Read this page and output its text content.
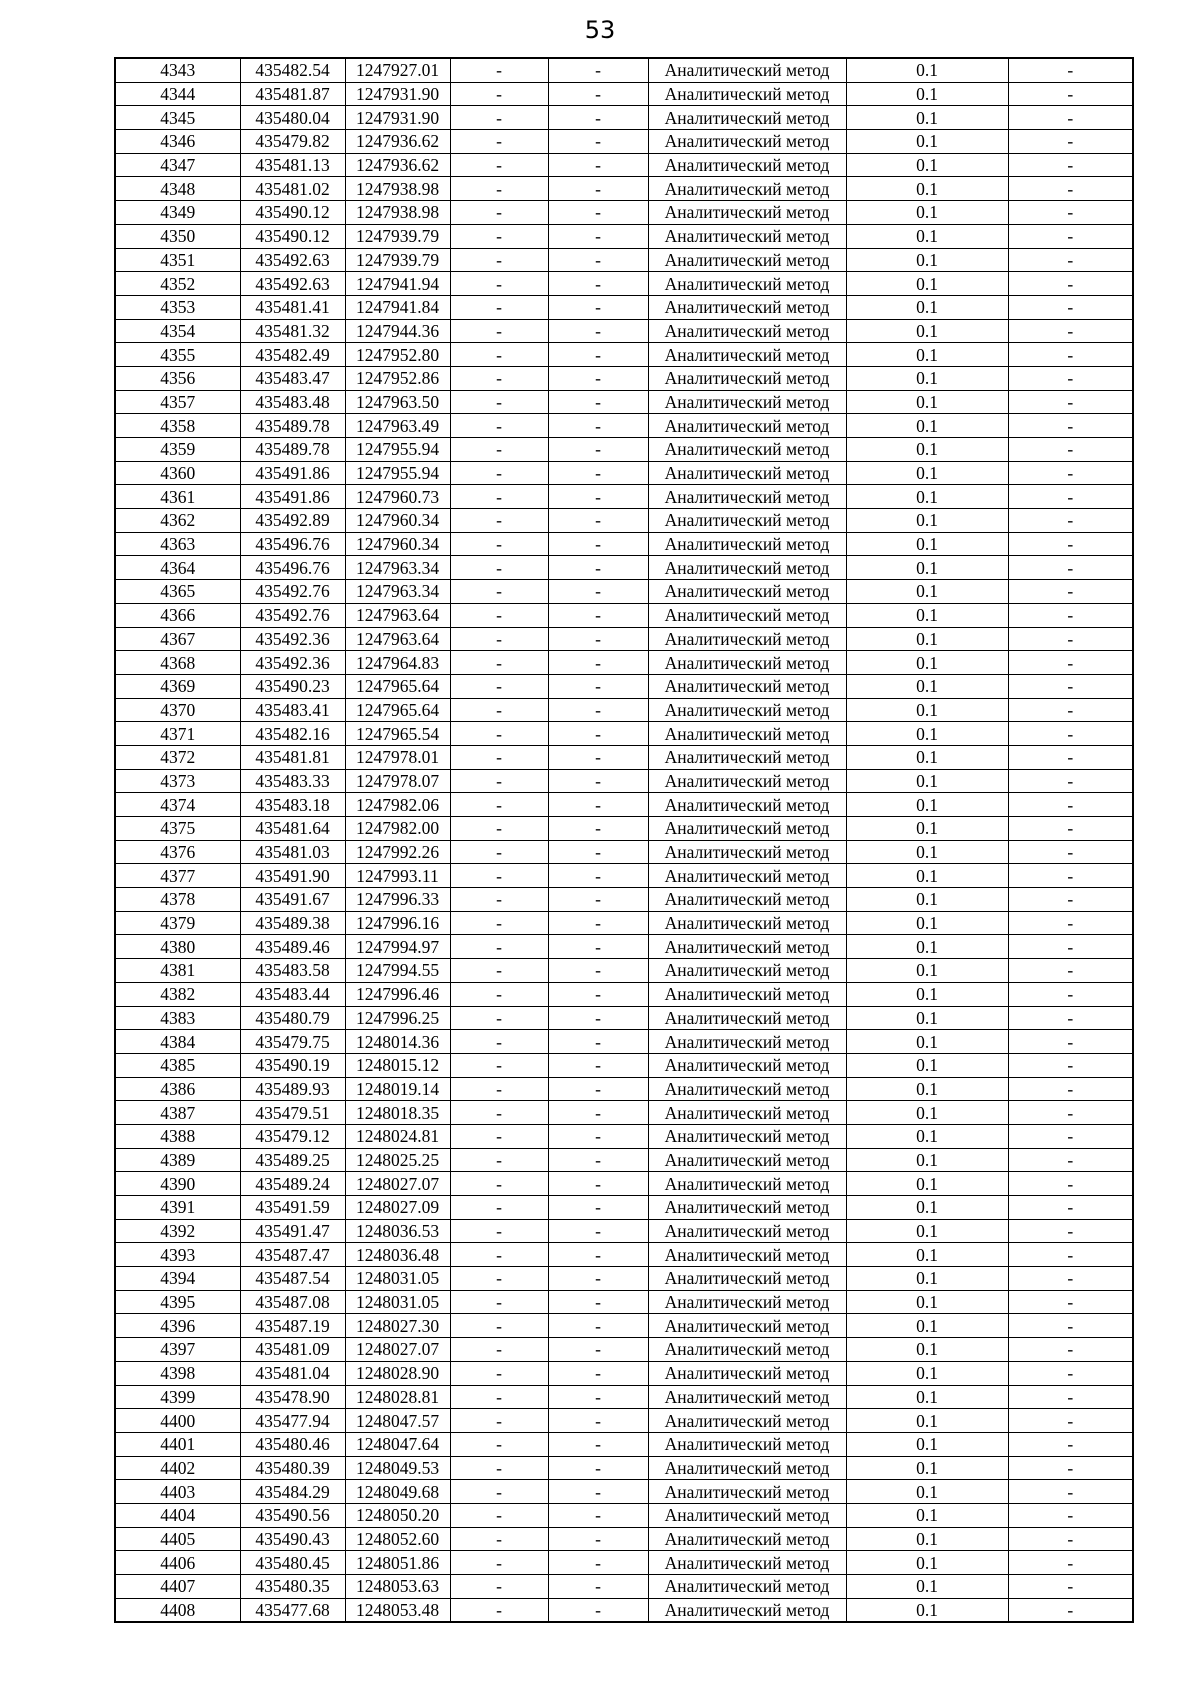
53
4343	435482.54	1247927.01	-	-	Аналитический метод	0.1	-
4344	435481.87	1247931.90	-	-	Аналитический метод	0.1	-
4345	435480.04	1247931.90	-	-	Аналитический метод	0.1	-
4346	435479.82	1247936.62	-	-	Аналитический метод	0.1	-
4347	435481.13	1247936.62	-	-	Аналитический метод	0.1	-
4348	435481.02	1247938.98	-	-	Аналитический метод	0.1	-
4349	435490.12	1247938.98	-	-	Аналитический метод	0.1	-
4350	435490.12	1247939.79	-	-	Аналитический метод	0.1	-
4351	435492.63	1247939.79	-	-	Аналитический метод	0.1	-
4352	435492.63	1247941.94	-	-	Аналитический метод	0.1	-
4353	435481.41	1247941.84	-	-	Аналитический метод	0.1	-
4354	435481.32	1247944.36	-	-	Аналитический метод	0.1	-
4355	435482.49	1247952.80	-	-	Аналитический метод	0.1	-
4356	435483.47	1247952.86	-	-	Аналитический метод	0.1	-
4357	435483.48	1247963.50	-	-	Аналитический метод	0.1	-
4358	435489.78	1247963.49	-	-	Аналитический метод	0.1	-
4359	435489.78	1247955.94	-	-	Аналитический метод	0.1	-
4360	435491.86	1247955.94	-	-	Аналитический метод	0.1	-
4361	435491.86	1247960.73	-	-	Аналитический метод	0.1	-
4362	435492.89	1247960.34	-	-	Аналитический метод	0.1	-
4363	435496.76	1247960.34	-	-	Аналитический метод	0.1	-
4364	435496.76	1247963.34	-	-	Аналитический метод	0.1	-
4365	435492.76	1247963.34	-	-	Аналитический метод	0.1	-
4366	435492.76	1247963.64	-	-	Аналитический метод	0.1	-
4367	435492.36	1247963.64	-	-	Аналитический метод	0.1	-
4368	435492.36	1247964.83	-	-	Аналитический метод	0.1	-
4369	435490.23	1247965.64	-	-	Аналитический метод	0.1	-
4370	435483.41	1247965.64	-	-	Аналитический метод	0.1	-
4371	435482.16	1247965.54	-	-	Аналитический метод	0.1	-
4372	435481.81	1247978.01	-	-	Аналитический метод	0.1	-
4373	435483.33	1247978.07	-	-	Аналитический метод	0.1	-
4374	435483.18	1247982.06	-	-	Аналитический метод	0.1	-
4375	435481.64	1247982.00	-	-	Аналитический метод	0.1	-
4376	435481.03	1247992.26	-	-	Аналитический метод	0.1	-
4377	435491.90	1247993.11	-	-	Аналитический метод	0.1	-
4378	435491.67	1247996.33	-	-	Аналитический метод	0.1	-
4379	435489.38	1247996.16	-	-	Аналитический метод	0.1	-
4380	435489.46	1247994.97	-	-	Аналитический метод	0.1	-
4381	435483.58	1247994.55	-	-	Аналитический метод	0.1	-
4382	435483.44	1247996.46	-	-	Аналитический метод	0.1	-
4383	435480.79	1247996.25	-	-	Аналитический метод	0.1	-
4384	435479.75	1248014.36	-	-	Аналитический метод	0.1	-
4385	435490.19	1248015.12	-	-	Аналитический метод	0.1	-
4386	435489.93	1248019.14	-	-	Аналитический метод	0.1	-
4387	435479.51	1248018.35	-	-	Аналитический метод	0.1	-
4388	435479.12	1248024.81	-	-	Аналитический метод	0.1	-
4389	435489.25	1248025.25	-	-	Аналитический метод	0.1	-
4390	435489.24	1248027.07	-	-	Аналитический метод	0.1	-
4391	435491.59	1248027.09	-	-	Аналитический метод	0.1	-
4392	435491.47	1248036.53	-	-	Аналитический метод	0.1	-
4393	435487.47	1248036.48	-	-	Аналитический метод	0.1	-
4394	435487.54	1248031.05	-	-	Аналитический метод	0.1	-
4395	435487.08	1248031.05	-	-	Аналитический метод	0.1	-
4396	435487.19	1248027.30	-	-	Аналитический метод	0.1	-
4397	435481.09	1248027.07	-	-	Аналитический метод	0.1	-
4398	435481.04	1248028.90	-	-	Аналитический метод	0.1	-
4399	435478.90	1248028.81	-	-	Аналитический метод	0.1	-
4400	435477.94	1248047.57	-	-	Аналитический метод	0.1	-
4401	435480.46	1248047.64	-	-	Аналитический метод	0.1	-
4402	435480.39	1248049.53	-	-	Аналитический метод	0.1	-
4403	435484.29	1248049.68	-	-	Аналитический метод	0.1	-
4404	435490.56	1248050.20	-	-	Аналитический метод	0.1	-
4405	435490.43	1248052.60	-	-	Аналитический метод	0.1	-
4406	435480.45	1248051.86	-	-	Аналитический метод	0.1	-
4407	435480.35	1248053.63	-	-	Аналитический метод	0.1	-
4408	435477.68	1248053.48	-	-	Аналитический метод	0.1	-
